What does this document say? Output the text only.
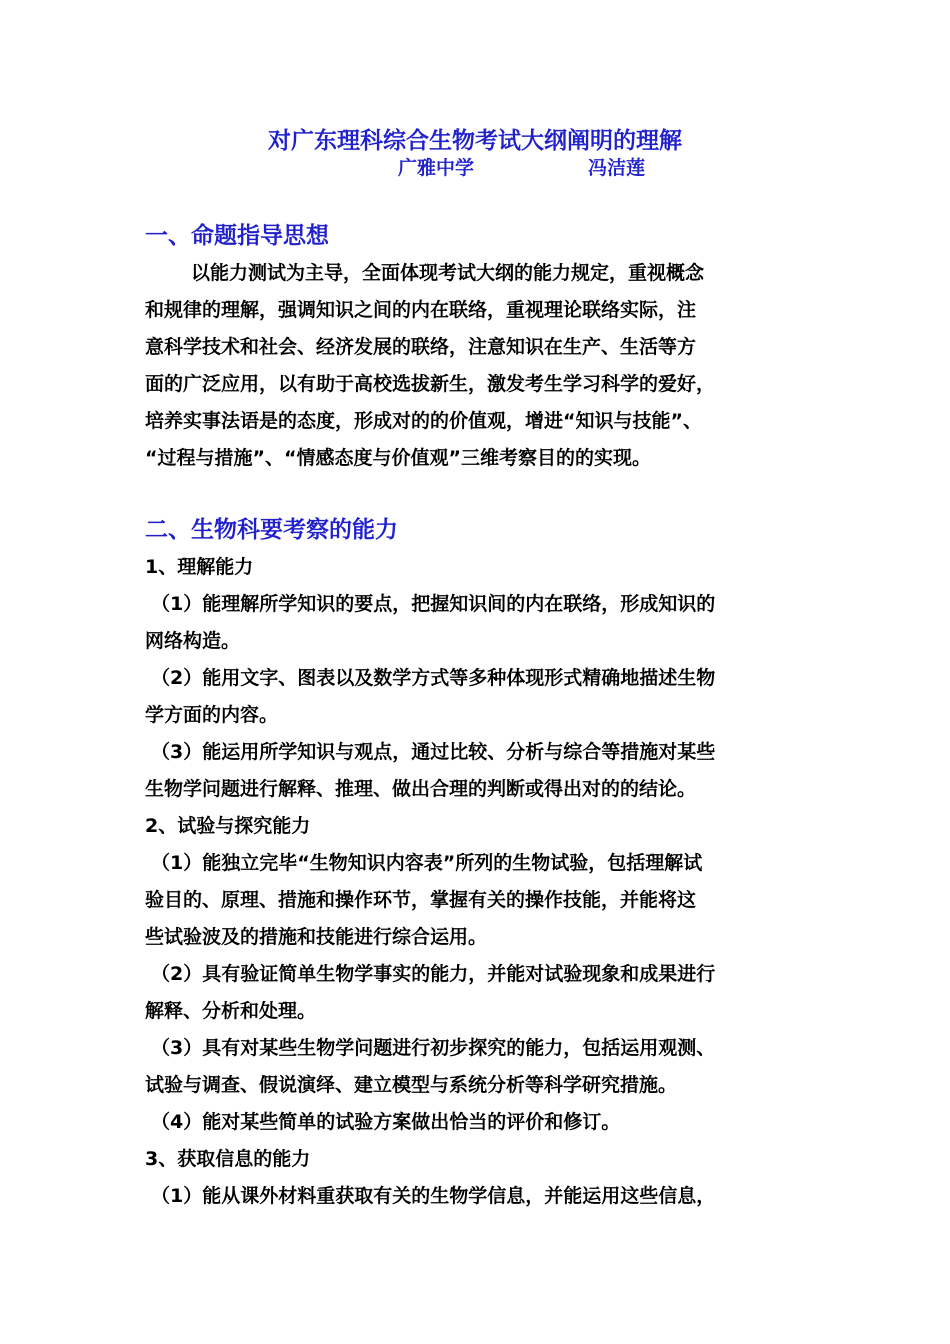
对广东理科综合生物考试大纲阐明的理解
广雅中学	冯洁莲
一、命题指导思想
以能力测试为主导，全面体现考试大纲的能力规定，重视概念
和规律的理解，强调知识之间的内在联络，重视理论联络实际，注
意科学技术和社会、经济发展的联络，注意知识在生产、生活等方
面的广泛应用，以有助于高校选拔新生，激发考生学习科学的爱好，
培养实事法语是的态度，形成对的的价值观，增进“知识与技能”、
“过程与措施”、“情感态度与价值观”三维考察目的的实现。
二、生物科要考察的能力
1、理解能力
（1）能理解所学知识的要点，把握知识间的内在联络，形成知识的
网络构造。
（2）能用文字、图表以及数学方式等多种体现形式精确地描述生物
学方面的内容。
（3）能运用所学知识与观点，通过比较、分析与综合等措施对某些
生物学问题进行解释、推理、做出合理的判断或得出对的的结论。
2、试验与探究能力
（1）能独立完毕“生物知识内容表”所列的生物试验，包括理解试
验目的、原理、措施和操作环节，掌握有关的操作技能，并能将这
些试验波及的措施和技能进行综合运用。
（2）具有验证简单生物学事实的能力，并能对试验现象和成果进行
解释、分析和处理。
（3）具有对某些生物学问题进行初步探究的能力，包括运用观测、
试验与调查、假说演绎、建立模型与系统分析等科学研究措施。
（4）能对某些简单的试验方案做出恰当的评价和修订。
3、获取信息的能力
（1）能从课外材料重获取有关的生物学信息，并能运用这些信息，
